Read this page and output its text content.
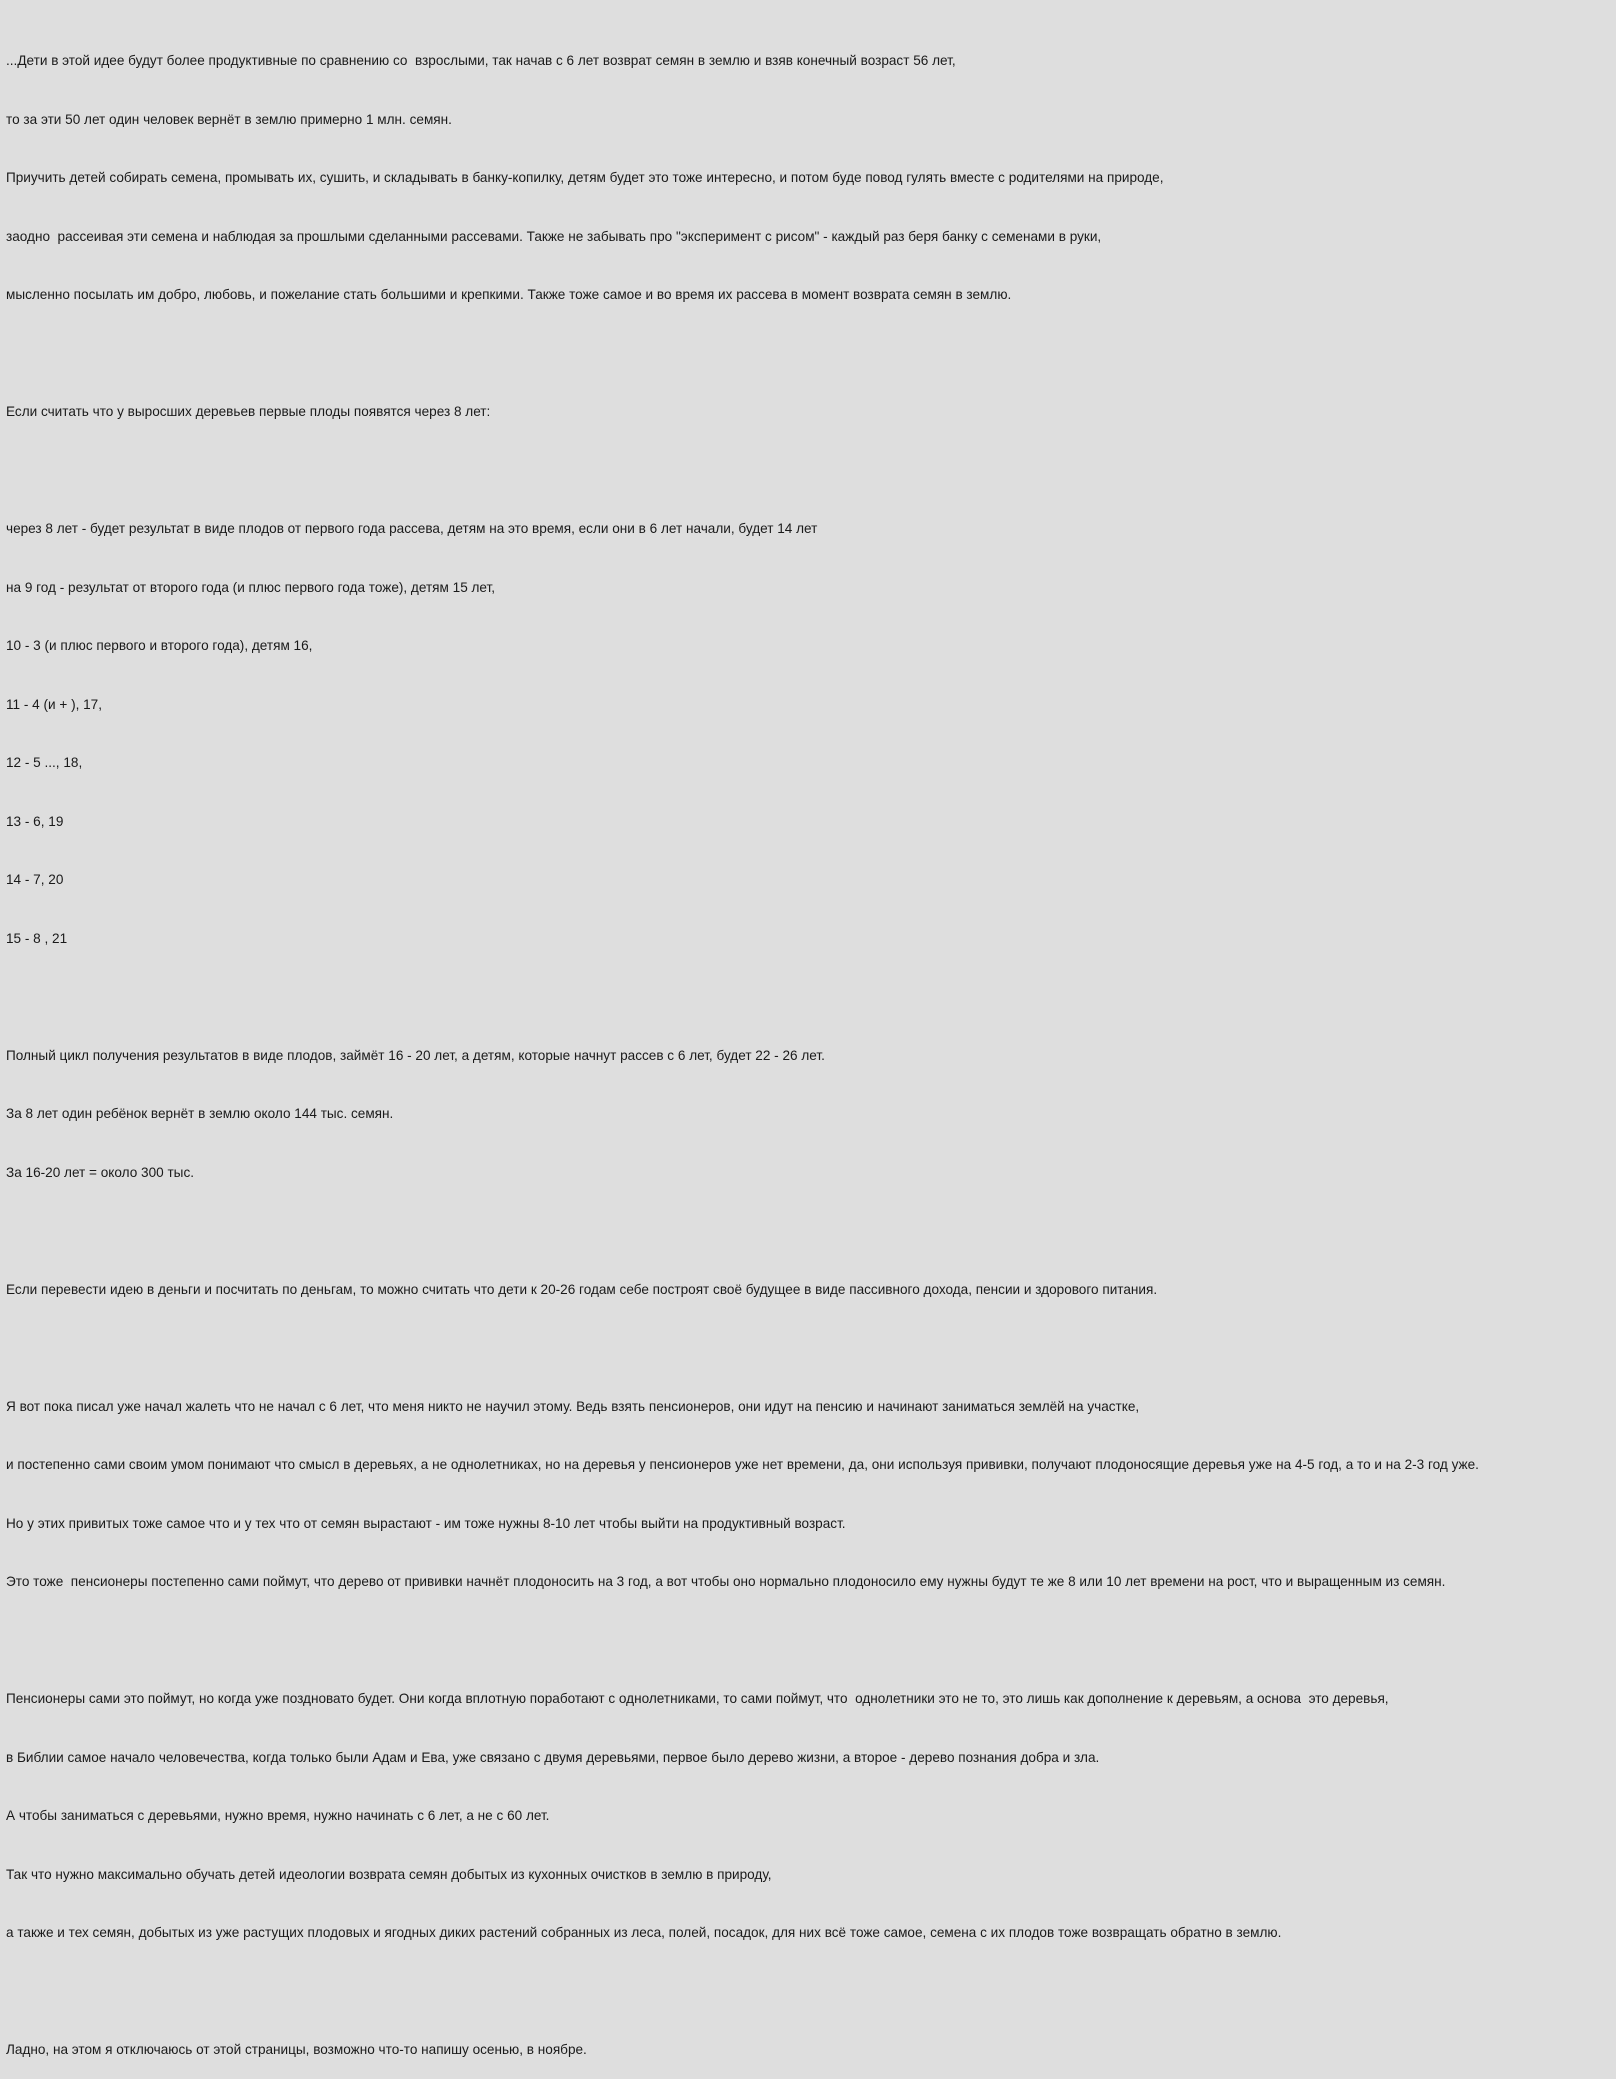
...Дети в этой идее будут более продуктивные по сравнению со  взрослыми, так начав с 6 лет возврат семян в землю и взяв конечный возраст 56 лет,

то за эти 50 лет один человек вернёт в землю примерно 1 млн. семян.

Приучить детей собирать семена, промывать их, сушить, и складывать в банку-копилку, детям будет это тоже интересно, и потом буде повод гулять вместе с родителями на природе,

заодно  рассеивая эти семена и наблюдая за прошлыми сделанными рассевами. Также не забывать про "эксперимент с рисом" - каждый раз беря банку с семенами в руки,

мысленно посылать им добро, любовь, и пожелание стать большими и крепкими. Также тоже самое и во время их рассева в момент возврата семян в землю.

Если считать что у выросших деревьев первые плоды появятся через 8 лет:

через 8 лет - будет результат в виде плодов от первого года рассева, детям на это время, если они в 6 лет начали, будет 14 лет

на 9 год - результат от второго года (и плюс первого года тоже), детям 15 лет,

10 - 3 (и плюс первого и второго года), детям 16,

11 - 4 (и + ), 17,

12 - 5 ..., 18,

13 - 6, 19

14 - 7, 20

15 - 8 , 21

Полный цикл получения результатов в виде плодов, займёт 16 - 20 лет, а детям, которые начнут рассев с 6 лет, будет 22 - 26 лет.

За 8 лет один ребёнок вернёт в землю около 144 тыс. семян.

За 16-20 лет = около 300 тыс.

Если перевести идею в деньги и посчитать по деньгам, то можно считать что дети к 20-26 годам себе построят своё будущее в виде пассивного дохода, пенсии и здорового питания.

Я вот пока писал уже начал жалеть что не начал с 6 лет, что меня никто не научил этому. Ведь взять пенсионеров, они идут на пенсию и начинают заниматься землёй на участке,

и постепенно сами своим умом понимают что смысл в деревьях, а не однолетниках, но на деревья у пенсионеров уже нет времени, да, они используя прививки, получают плодоносящие деревья уже на 4-5 год, а то и на 2-3 год уже.

Но у этих привитых тоже самое что и у тех что от семян вырастают - им тоже нужны 8-10 лет чтобы выйти на продуктивный возраст.

Это тоже  пенсионеры постепенно сами поймут, что дерево от прививки начнёт плодоносить на 3 год, а вот чтобы оно нормально плодоносило ему нужны будут те же 8 или 10 лет времени на рост, что и выращенным из семян.

Пенсионеры сами это поймут, но когда уже поздновато будет. Они когда вплотную поработают с однолетниками, то сами поймут, что  однолетники это не то, это лишь как дополнение к деревьям, а основа  это деревья,

в Библии самое начало человечества, когда только были Адам и Ева, уже связано с двумя деревьями, первое было дерево жизни, а второе - дерево познания добра и зла.

А чтобы заниматься с деревьями, нужно время, нужно начинать с 6 лет, а не с 60 лет.

Так что нужно максимально обучать детей идеологии возврата семян добытых из кухонных очистков в землю в природу,

а также и тех семян, добытых из уже растущих плодовых и ягодных диких растений собранных из леса, полей, посадок, для них всё тоже самое, семена с их плодов тоже возвращать обратно в землю.

Ладно, на этом я отключаюсь от этой страницы, возможно что-то напишу осенью, в ноябре.
